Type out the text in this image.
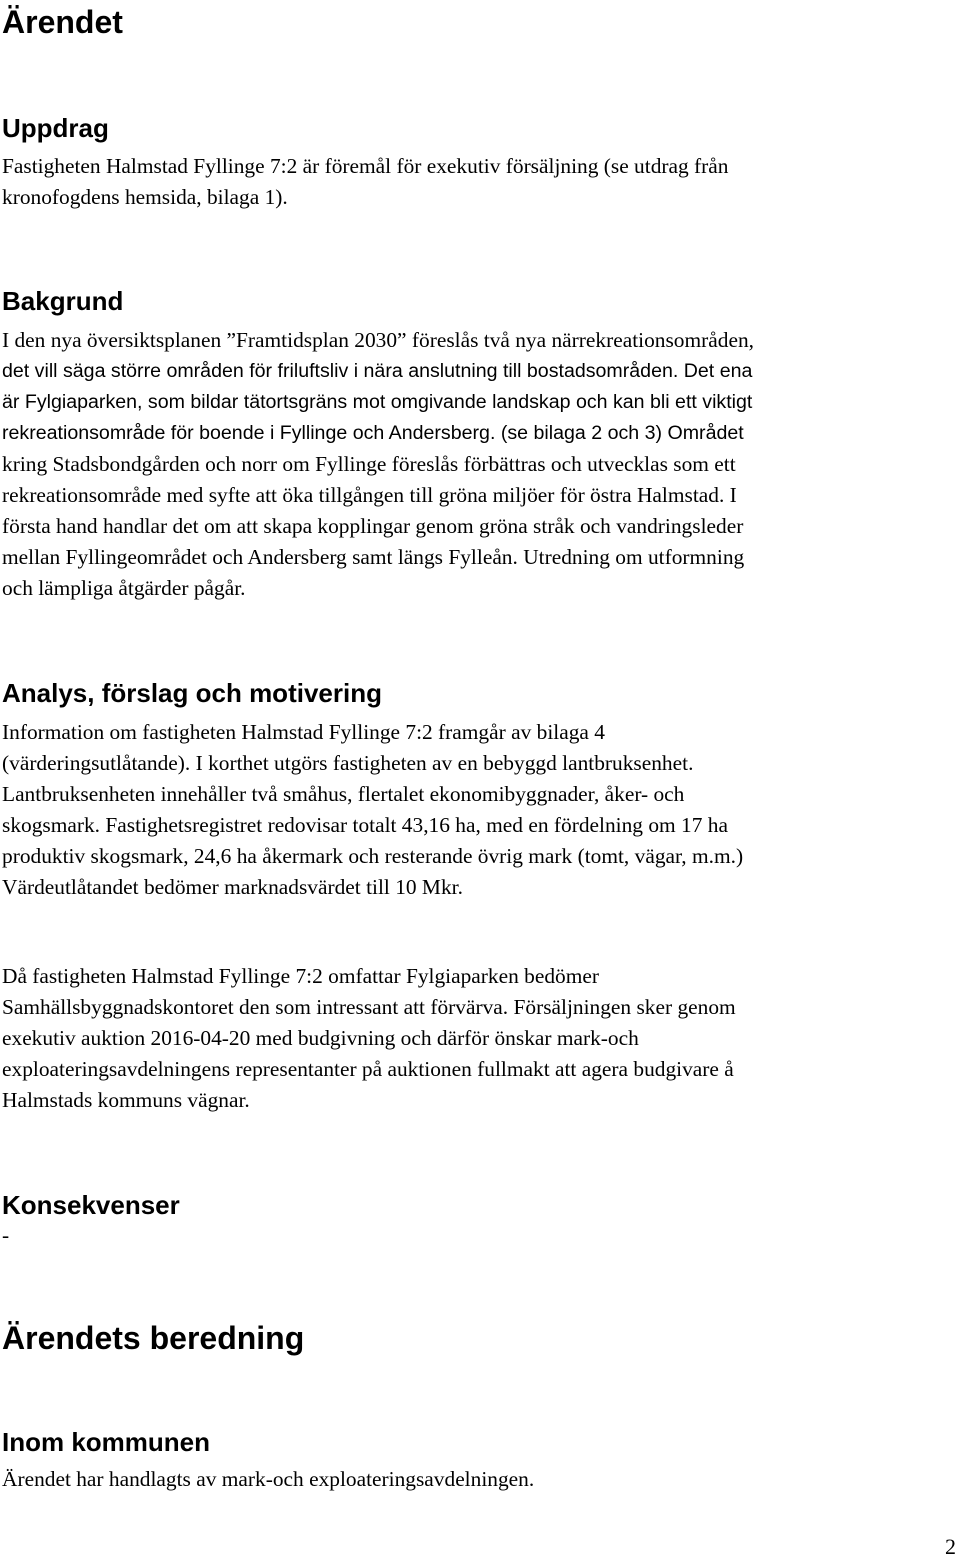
Ärendet
Uppdrag

Fastigheten Halmstad Fyllinge 7:2 är föremål för exekutiv försäljning (se utdrag från

kronofogdens hemsida, bilaga 1).

Bakgrund

I den nya översiktsplanen ”Framtidsplan 2030” föreslås två nya närrekreationsområden,

det vill säga större områden för friluftsliv i nära anslutning till bostadsområden. Det ena

är Fylgiaparken, som bildar tätortsgräns mot omgivande landskap och kan bli ett viktigt

rekreationsområde för boende i Fyllinge och Andersberg. (se bilaga 2 och 3) Området

kring Stadsbondgården och norr om Fyllinge föreslås förbättras och utvecklas som ett

rekreationsområde med syfte att öka tillgången till gröna miljöer för östra Halmstad. I

första hand handlar det om att skapa kopplingar genom gröna stråk och vandringsleder

mellan Fyllingeområdet och Andersberg samt längs Fylleån. Utredning om utformning

och lämpliga åtgärder pågår.

Analys, förslag och motivering

Information om fastigheten Halmstad Fyllinge 7:2 framgår av bilaga 4

(värderingsutlåtande). I korthet utgörs fastigheten av en bebyggd lantbruksenhet.

Lantbruksenheten innehåller två småhus, flertalet ekonomibyggnader, åker- och

skogsmark. Fastighetsregistret redovisar totalt 43,16 ha, med en fördelning om 17 ha

produktiv skogsmark, 24,6 ha åkermark och resterande övrig mark (tomt, vägar, m.m.)

Värdeutlåtandet bedömer marknadsvärdet till 10 Mkr.

Då fastigheten Halmstad Fyllinge 7:2 omfattar Fylgiaparken bedömer

Samhällsbyggnadskontoret den som intressant att förvärva. Försäljningen sker genom

exekutiv auktion 2016-04-20 med budgivning och därför önskar mark-och

exploateringsavdelningens representanter på auktionen fullmakt att agera budgivare å

Halmstads kommuns vägnar.

Konsekvenser

-

Ärendets beredning
Inom kommunen

Ärendet har handlagts av mark-och exploateringsavdelningen.

2
